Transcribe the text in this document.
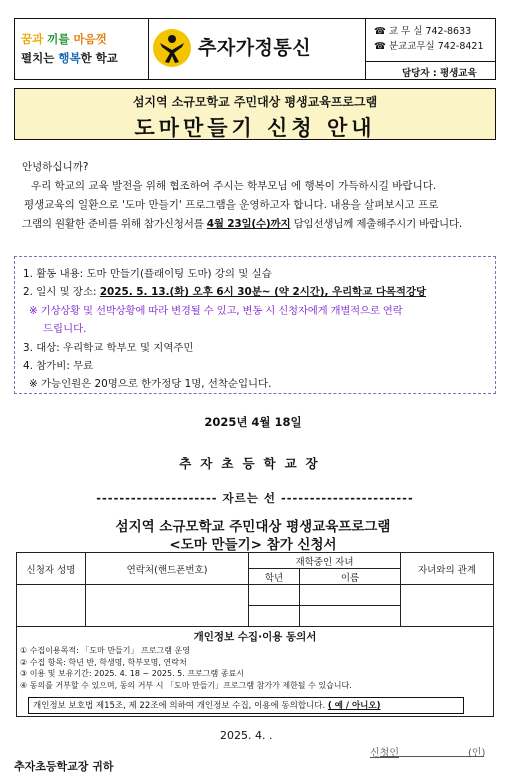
꿈과 끼를 마음껏
펼치는 행복한 학교	추자가정통신
☎ 교 무 실 742-8633
☎ 분교교무실 742-8421
담당자 : 평생교육
섬지역 소규모학교 주민대상 평생교육프로그램
도마만들기 신청 안내
안녕하십니까?
우리 학교의 교육 발전을 위해 협조하여 주시는 학부모님 에 행복이 가득하시길 바랍니다.
평생교육의 일환으로 '도마 만들기' 프로그램을 운영하고자 합니다. 내용을 살펴보시고 프로
그램의 원활한 준비를 위해 참가신청서를 4월 23일(수)까지 담임선생님께 제출해주시기 바랍니다.
1. 활동 내용: 도마 만들기(플래이팅 도마) 강의 및 실습
2. 일시 및 장소: 2025. 5. 13.(화) 오후 6시 30분~ (약 2시간), 우리학교 다목적강당
※ 기상상황 및 선박상황에 따라 변경될 수 있고, 변동 시 신청자에게 개별적으로 연락
드립니다.
3. 대상: 우리학교 학부모 및 지역주민
4. 참가비: 무료
※ 가능인원은 20명으로 한가정당 1명, 선착순입니다.
2025년 4월 18일
추자초등학교장
--------------------- 자르는 선 -----------------------
섬지역 소규모학교 주민대상 평생교육프로그램
<도마 만들기> 참가 신청서
신청자 성명	연락처(핸드폰번호)	재학중인 자녀		자녀와의 관계
		학년	이름	

개인정보 수집·이용 동의서
① 수집이용목적: 「도마 만들기」 프로그램 운영
② 수집 항목: 학년 반, 학생명, 학부모명, 연락처
③ 이용 및 보유기간: 2025. 4. 18 ~ 2025. 5. 프로그램 종료시
④ 동의를 거부할 수 있으며, 동의 거부 시 「도마 만들기」프로그램 참가가 제한될 수 있습니다.
개인정보 보호법 제15조, 제 22조에 의하여 개인정보 수집, 이용에 동의합니다. ( 예 / 아니오)
2025. 4. .
신청인	(인)
추자초등학교장 귀하
